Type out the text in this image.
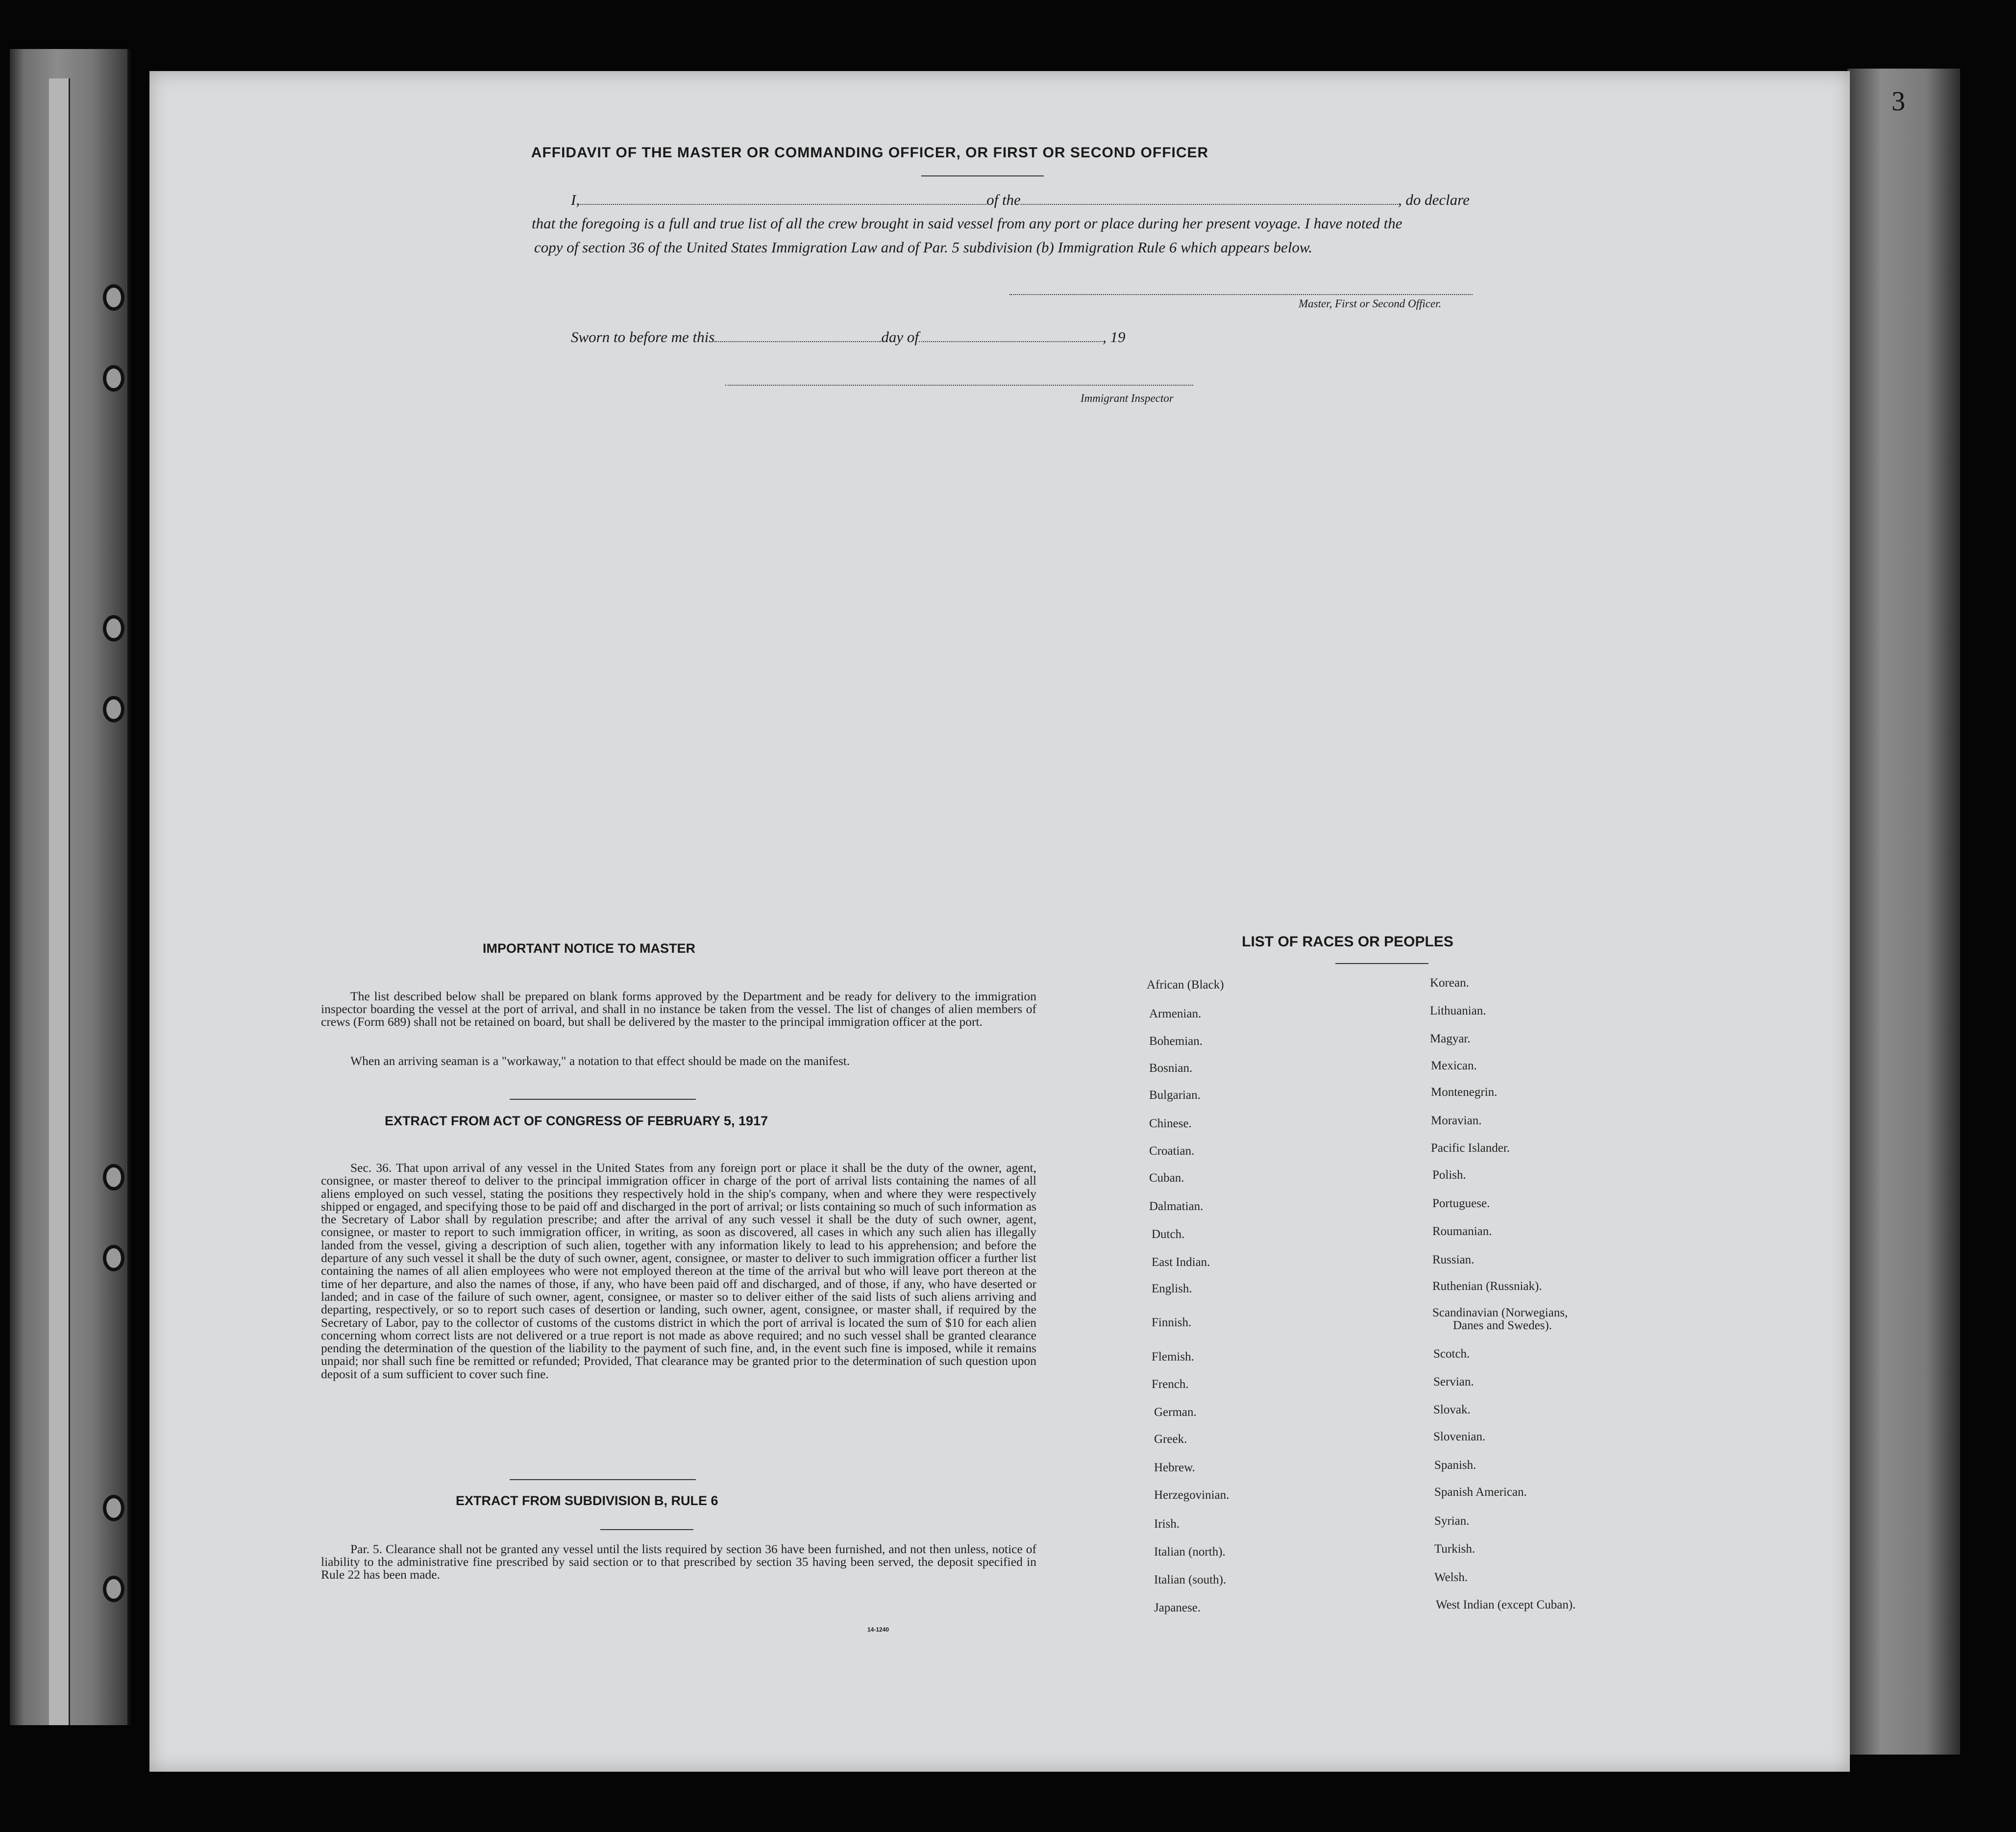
3
AFFIDAVIT OF THE MASTER OR COMMANDING OFFICER, OR FIRST OR SECOND OFFICER
I,	of the	, do declare
that the foregoing is a full and true list of all the crew brought in said vessel from any port or place during her present voyage. I have noted the
copy of section 36 of the United States Immigration Law and of Par. 5 subdivision (b) Immigration Rule 6 which appears below.
Master, First or Second Officer.
Sworn to before me this	day of	, 19
Immigrant Inspector
IMPORTANT NOTICE TO MASTER
The list described below shall be prepared on blank forms approved by the Department and be ready for delivery to the immigration inspector boarding the vessel at the port of arrival, and shall in no instance be taken from the vessel. The list of changes of alien members of crews (Form 689) shall not be retained on board, but shall be delivered by the master to the principal immigration officer at the port.
When an arriving seaman is a "workaway," a notation to that effect should be made on the manifest.
EXTRACT FROM ACT OF CONGRESS OF FEBRUARY 5, 1917
Sec. 36. That upon arrival of any vessel in the United States from any foreign port or place it shall be the duty of the owner, agent, consignee, or master thereof to deliver to the principal immigration officer in charge of the port of arrival lists containing the names of all aliens employed on such vessel, stating the positions they respectively hold in the ship's company, when and where they were respectively shipped or engaged, and specifying those to be paid off and discharged in the port of arrival; or lists containing so much of such information as the Secretary of Labor shall by regulation prescribe; and after the arrival of any such vessel it shall be the duty of such owner, agent, consignee, or master to report to such immigration officer, in writing, as soon as discovered, all cases in which any such alien has illegally landed from the vessel, giving a description of such alien, together with any information likely to lead to his apprehension; and before the departure of any such vessel it shall be the duty of such owner, agent, consignee, or master to deliver to such immigration officer a further list containing the names of all alien employees who were not employed thereon at the time of the arrival but who will leave port thereon at the time of her departure, and also the names of those, if any, who have been paid off and discharged, and of those, if any, who have deserted or landed; and in case of the failure of such owner, agent, consignee, or master so to deliver either of the said lists of such aliens arriving and departing, respectively, or so to report such cases of desertion or landing, such owner, agent, consignee, or master shall, if required by the Secretary of Labor, pay to the collector of customs of the customs district in which the port of arrival is located the sum of $10 for each alien concerning whom correct lists are not delivered or a true report is not made as above required; and no such vessel shall be granted clearance pending the determination of the question of the liability to the payment of such fine, and, in the event such fine is imposed, while it remains unpaid; nor shall such fine be remitted or refunded; Provided, That clearance may be granted prior to the determination of such question upon deposit of a sum sufficient to cover such fine.
EXTRACT FROM SUBDIVISION B, RULE 6
Par. 5. Clearance shall not be granted any vessel until the lists required by section 36 have been furnished, and not then unless, notice of liability to the administrative fine prescribed by said section or to that prescribed by section 35 having been served, the deposit specified in Rule 22 has been made.
14-1240
LIST OF RACES OR PEOPLES
African (Black)
Armenian.
Bohemian.
Bosnian.
Bulgarian.
Chinese.
Croatian.
Cuban.
Dalmatian.
Dutch.
East Indian.
English.
Finnish.
Flemish.
French.
German.
Greek.
Hebrew.
Herzegovinian.
Irish.
Italian (north).
Italian (south).
Japanese.
Korean.
Lithuanian.
Magyar.
Mexican.
Montenegrin.
Moravian.
Pacific Islander.
Polish.
Portuguese.
Roumanian.
Russian.
Ruthenian (Russniak).
Scandinavian (Norwegians,
Danes and Swedes).
Scotch.
Servian.
Slovak.
Slovenian.
Spanish.
Spanish American.
Syrian.
Turkish.
Welsh.
West Indian (except Cuban).
